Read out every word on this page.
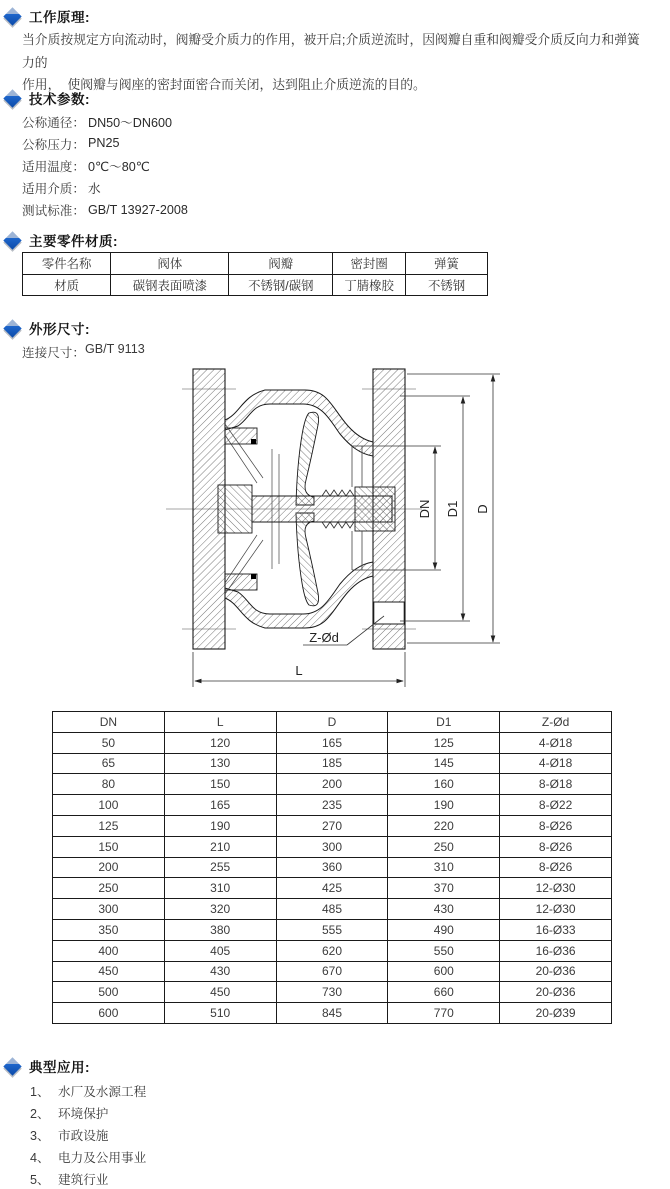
工作原理:
当介质按规定方向流动时，阀瓣受介质力的作用，被开启;介质逆流时，因阀瓣自重和阀瓣受介质反向力和弹簧力的
作用，  使阀瓣与阀座的密封面密合而关闭，达到阻止介质逆流的目的。
技术参数:
公称通径： DN50～DN600
公称压力： PN25
适用温度： 0℃～80℃
适用介质： 水
测试标准： GB/T 13927-2008
主要零件材质:
零件名称	阀体	阀瓣	密封圈	弹簧
材质	碳钢表面喷漆	不锈钢/碳钢	丁腈橡胶	不锈钢
外形尺寸:
连接尺寸： GB/T 9113
DN D1 D
L
Z-Ød
DN	L	D	D1	Z-Ød
50	120	165	125	4-Ø18
65	130	185	145	4-Ø18
80	150	200	160	8-Ø18
100	165	235	190	8-Ø22
125	190	270	220	8-Ø26
150	210	300	250	8-Ø26
200	255	360	310	8-Ø26
250	310	425	370	12-Ø30
300	320	485	430	12-Ø30
350	380	555	490	16-Ø33
400	405	620	550	16-Ø36
450	430	670	600	20-Ø36
500	450	730	660	20-Ø36
600	510	845	770	20-Ø39
典型应用:
1、 水厂及水源工程
2、 环境保护
3、 市政设施
4、 电力及公用事业
5、 建筑行业
